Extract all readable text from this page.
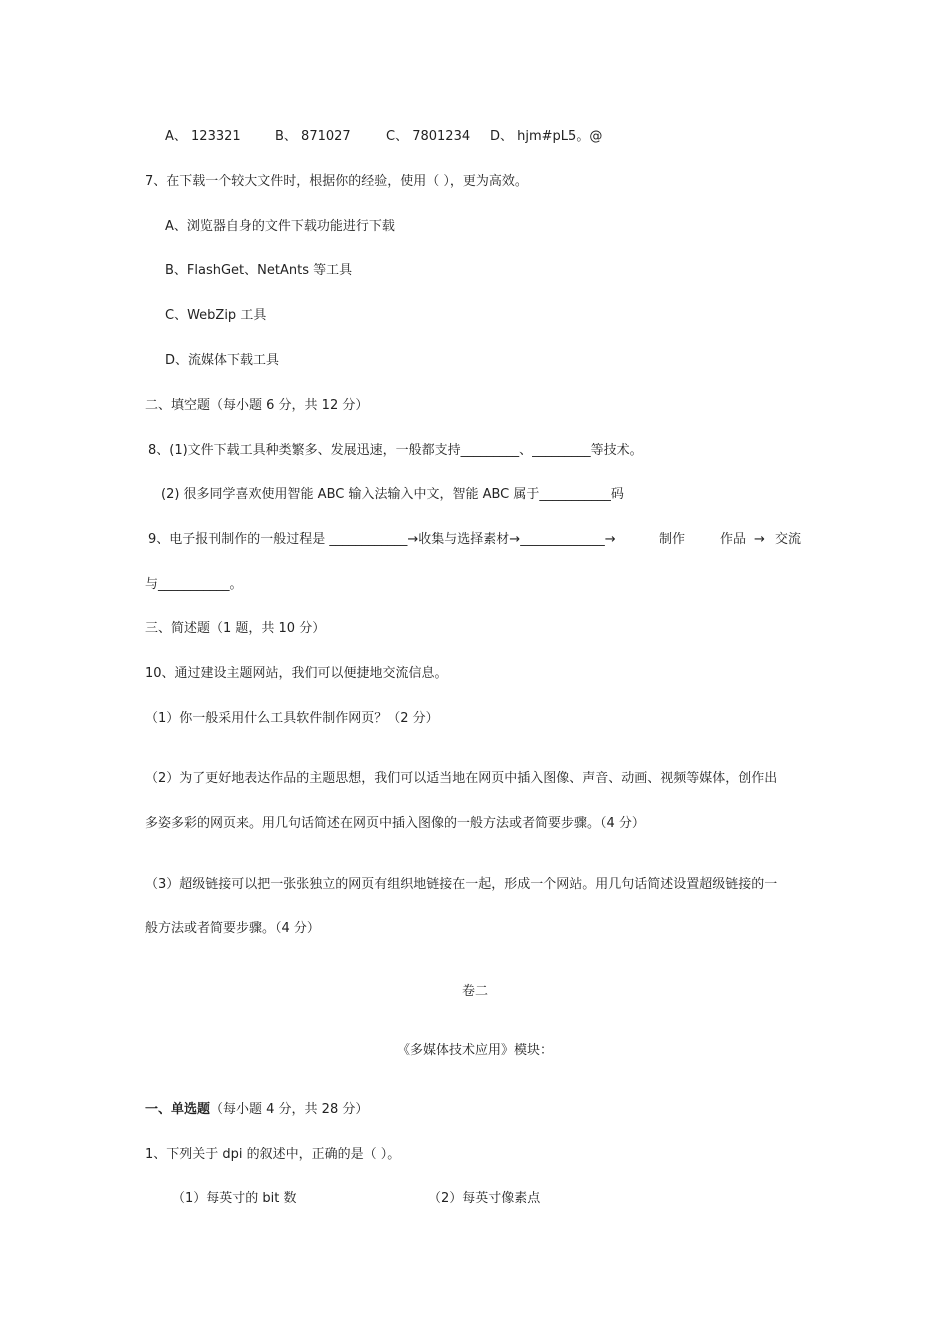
A、 123321	B、 871027	C、 7801234 D、 hjm#pL5。@
7、在下载一个较大文件时，根据你的经验，使用（ ），更为高效。
A、浏览器自身的文件下载功能进行下载
B、FlashGet、NetAnts 等工具
C、WebZip 工具
D、流媒体下载工具
二、填空题（每小题 6 分，共 12 分）
8、(1)文件下载工具种类繁多、发展迅速，一般都支持_________、_________等技术。
(2) 很多同学喜欢使用智能 ABC 输入法输入中文，智能 ABC 属于___________码
9、电子报刊制作的一般过程是 ____________→收集与选择素材→_____________→	制作	作品 → 交流
与___________。
三、简述题（1 题，共 10 分）
10、通过建设主题网站，我们可以便捷地交流信息。
（1）你一般采用什么工具软件制作网页？（2 分）
（2）为了更好地表达作品的主题思想，我们可以适当地在网页中插入图像、声音、动画、视频等媒体，创作出
多姿多彩的网页来。用几句话简述在网页中插入图像的一般方法或者简要步骤。（4 分）
（3）超级链接可以把一张张独立的网页有组织地链接在一起，形成一个网站。用几句话简述设置超级链接的一
般方法或者简要步骤。（4 分）
卷二
《多媒体技术应用》模块：
一、单选题（每小题 4 分，共 28 分）
1、下列关于 dpi 的叙述中，正确的是（ ）。
（1）每英寸的 bit 数	（2）每英寸像素点
